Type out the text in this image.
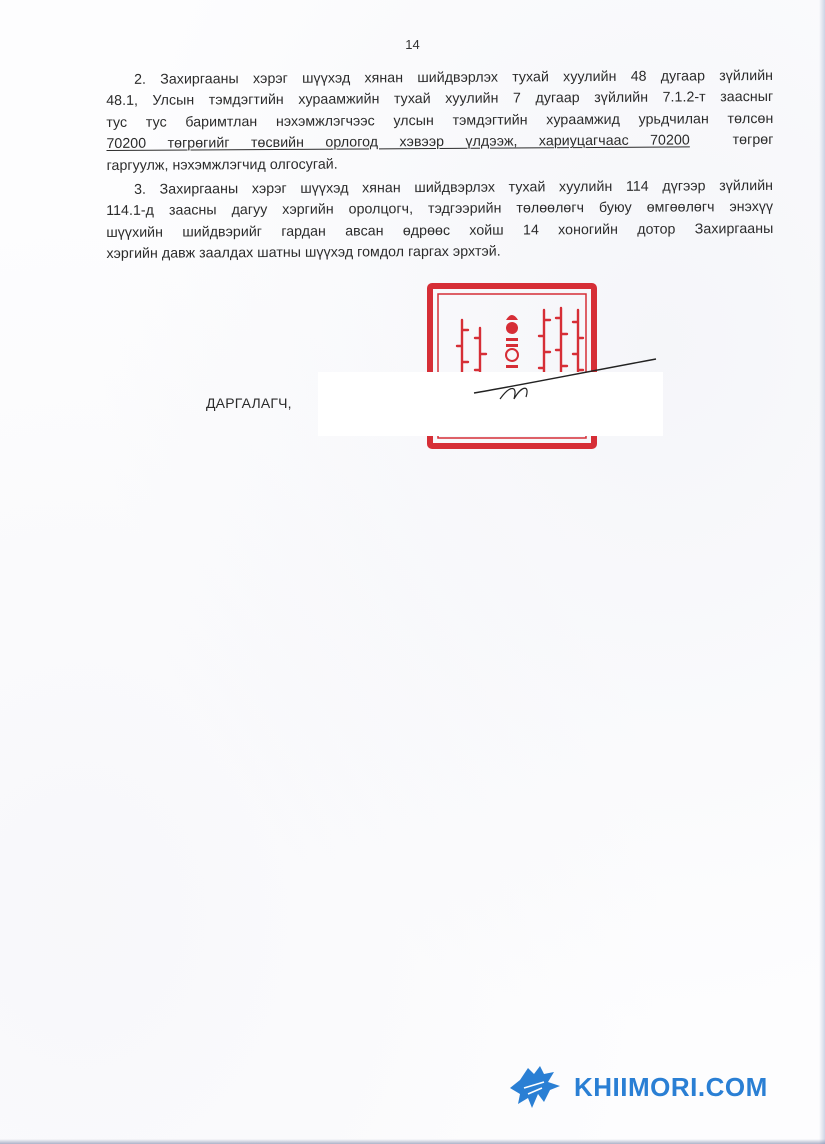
14
2. Захиргааны хэрэг шүүхэд хянан шийдвэрлэх тухай хуулийн 48 дугаар зүйлийн
48.1, Улсын тэмдэгтийн хураамжийн тухай хуулийн 7 дугаар зүйлийн 7.1.2-т заасныг
тус тус баримтлан нэхэмжлэгчээс улсын тэмдэгтийн хураамжид урьдчилан төлсөн
70200 төгрөгийг төсвийн орлогод хэвээр үлдээж, хариуцагчаас 70200	төгрөг
гаргуулж, нэхэмжлэгчид олгосугай.
3. Захиргааны хэрэг шүүхэд хянан шийдвэрлэх тухай хуулийн 114 дүгээр зүйлийн
114.1-д заасны дагуу хэргийн оролцогч, тэдгээрийн төлөөлөгч буюу өмгөөлөгч энэхүү
шүүхийн шийдвэрийг гардан авсан өдрөөс хойш 14 хоногийн дотор Захиргааны
хэргийн давж заалдах шатны шүүхэд гомдол гаргах эрхтэй.
ДАРГАЛАГЧ,
KHIIMORI.COM
